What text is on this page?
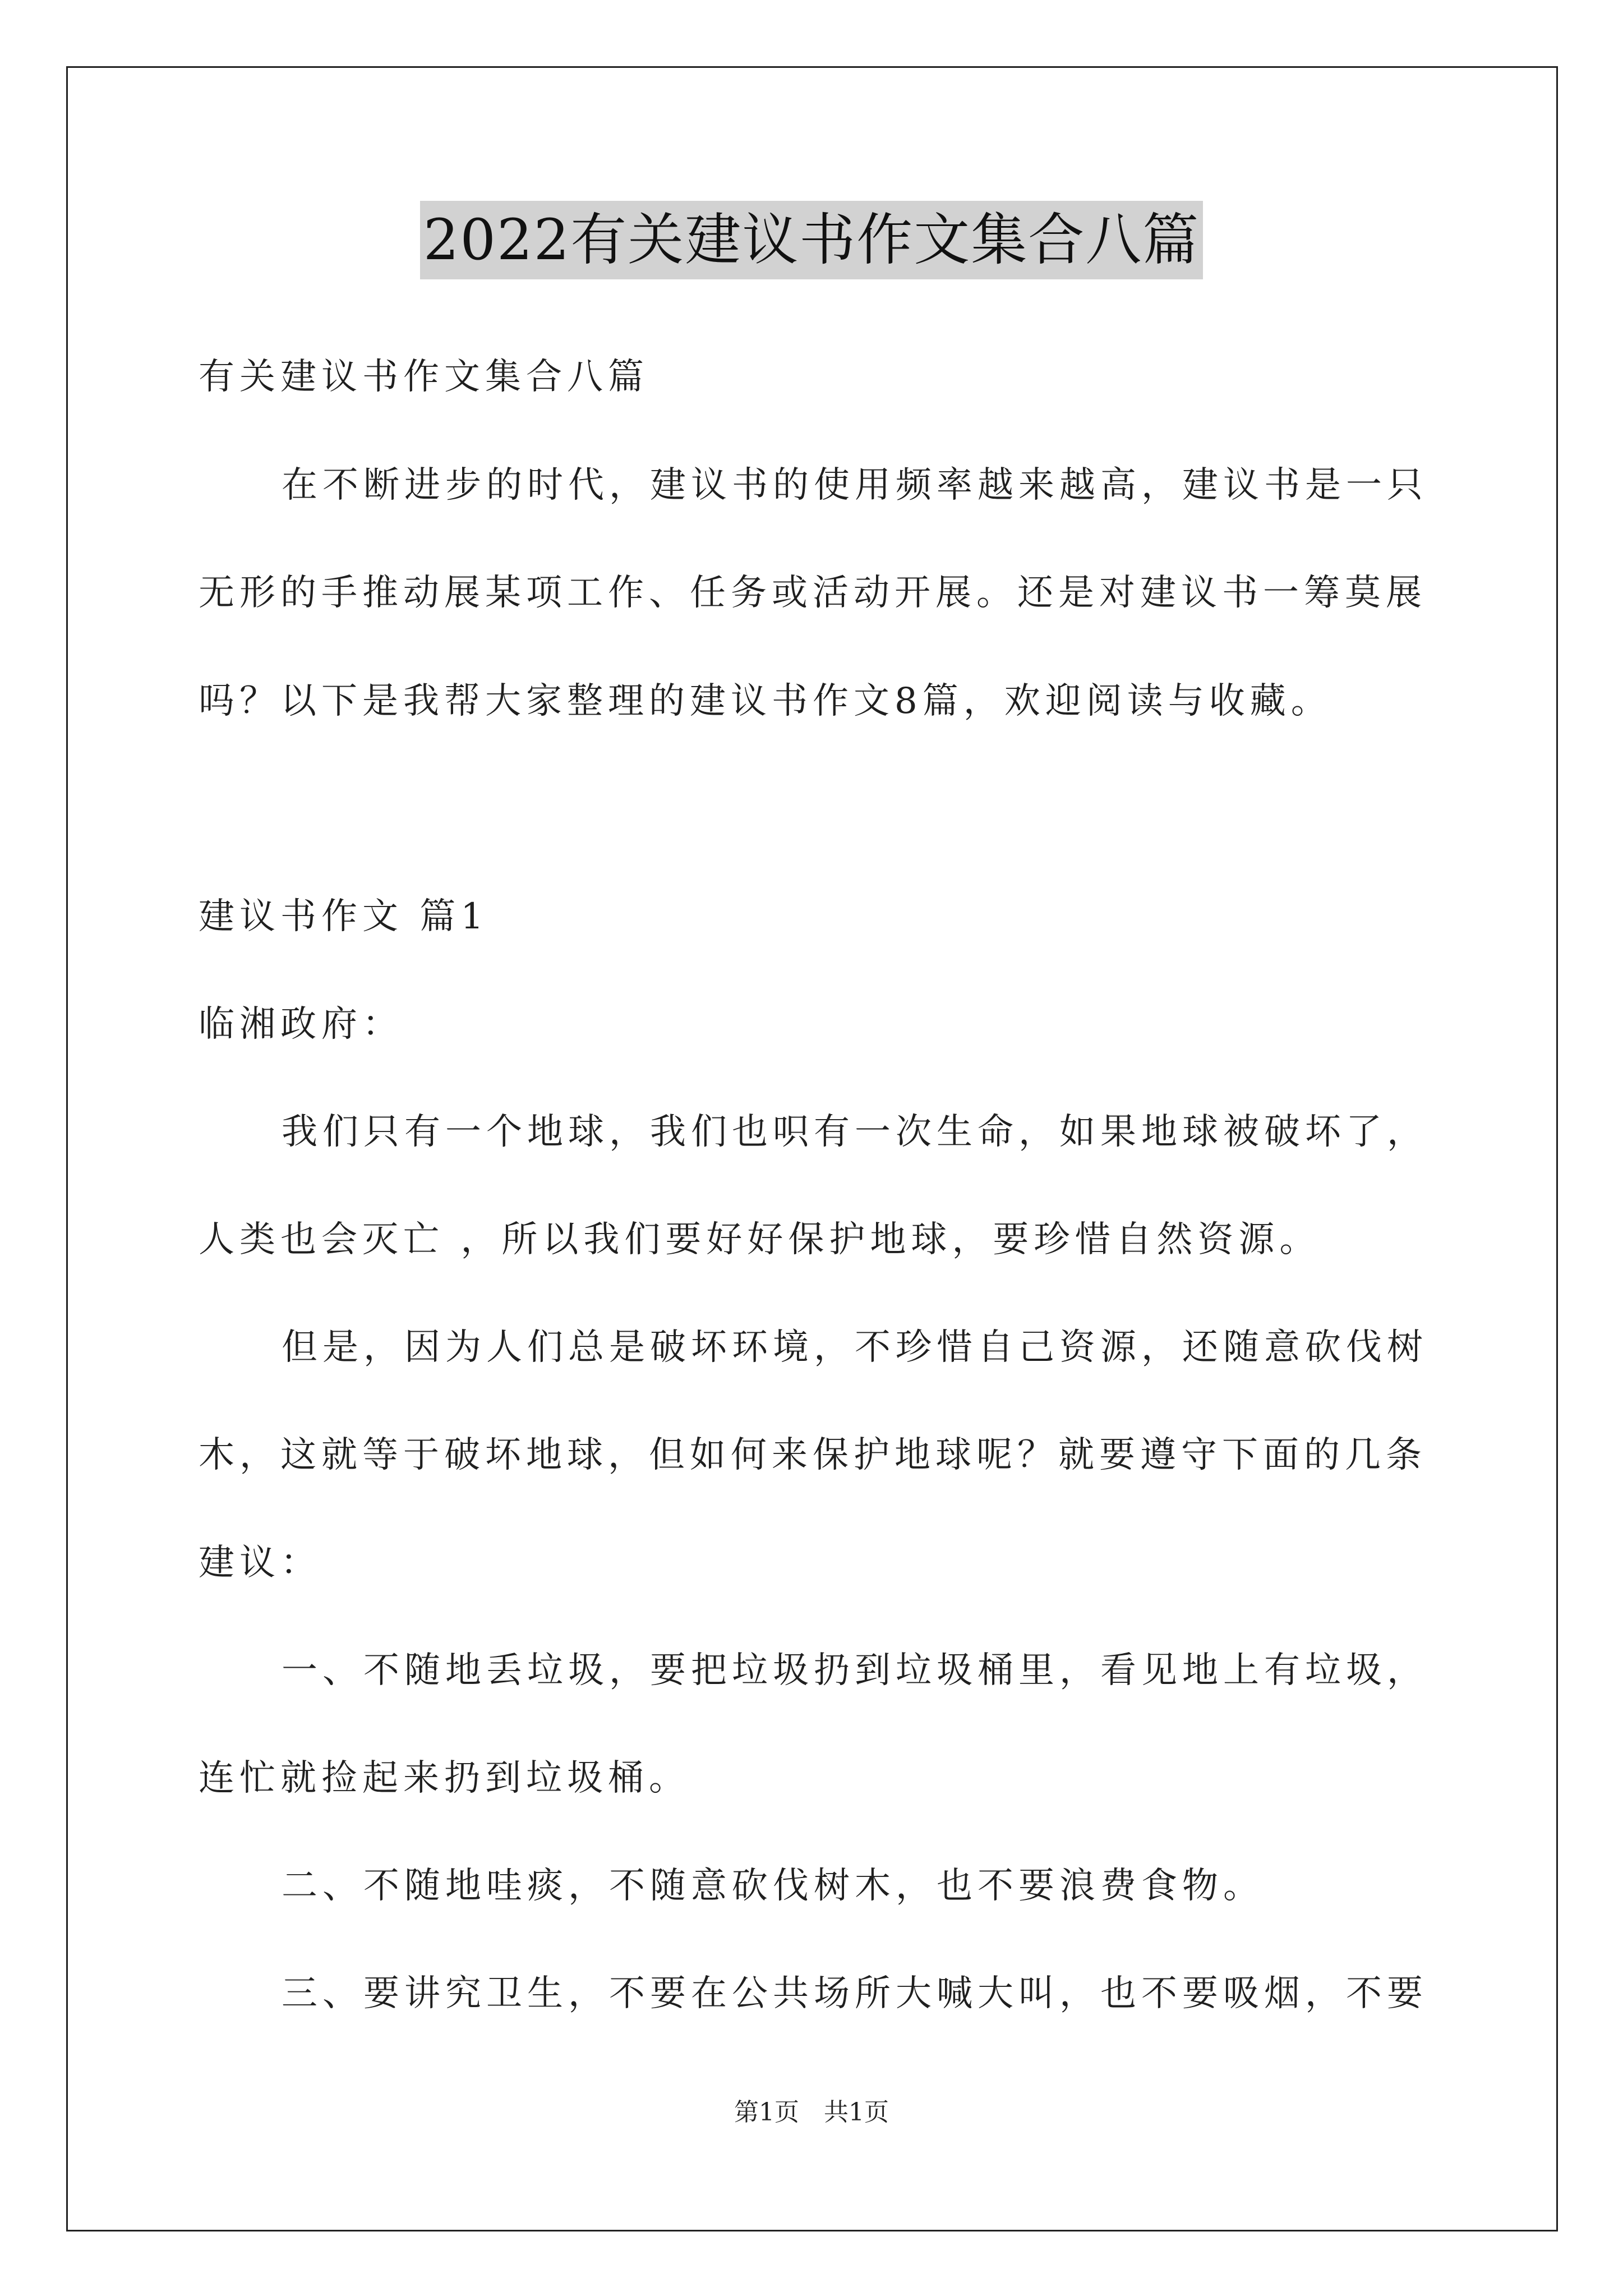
2022有关建议书作文集合八篇
有关建议书作文集合八篇
在不断进步的时代，建议书的使用频率越来越高，建议书是一只
无形的手推动展某项工作、任务或活动开展。还是对建议书一筹莫展
吗？以下是我帮大家整理的建议书作文8篇，欢迎阅读与收藏。
建议书作文 篇1
临湘政府：
我们只有一个地球，我们也呮有一次生命，如果地球被破坏了，
人类也会灭亡 ，所以我们要好好保护地球，要珍惜自然资源。
但是，因为人们总是破坏环境，不珍惜自己资源，还随意砍伐树
木，这就等于破坏地球，但如何来保护地球呢？就要遵守下面的几条
建议：
一、不随地丢垃圾，要把垃圾扔到垃圾桶里，看见地上有垃圾，
连忙就捡起来扔到垃圾桶。
二、不随地哇痰，不随意砍伐树木，也不要浪费食物。
三、要讲究卫生，不要在公共场所大喊大叫，也不要吸烟，不要
第1页　共1页
